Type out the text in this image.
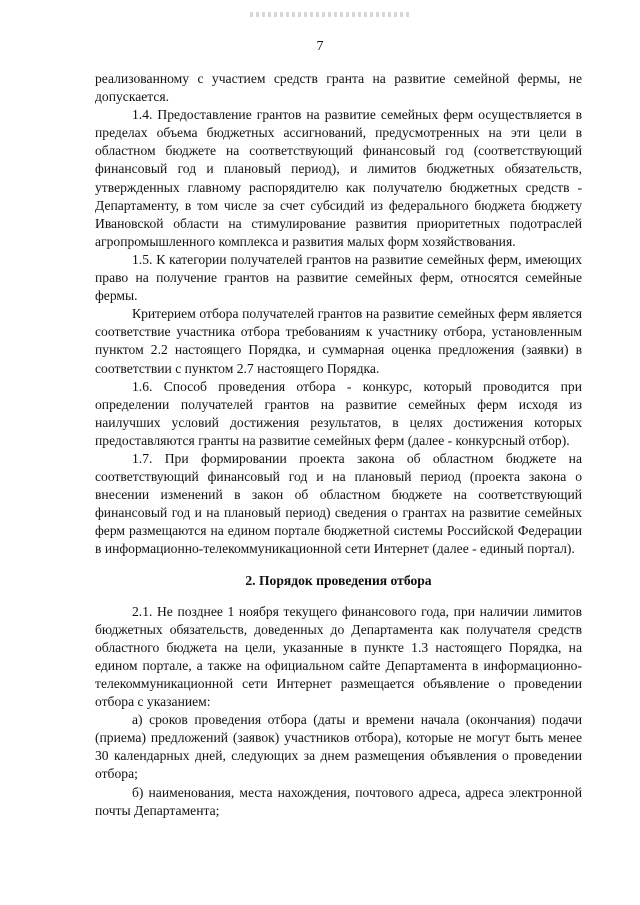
7

реализованному с участием средств гранта на развитие семейной фермы, не допускается.

1.4. Предоставление грантов на развитие семейных ферм осуществляется в пределах объема бюджетных ассигнований, предусмотренных на эти цели в областном бюджете на соответствующий финансовый год (соответствующий финансовый год и плановый период), и лимитов бюджетных обязательств, утвержденных главному распорядителю как получателю бюджетных средств - Департаменту, в том числе за счет субсидий из федерального бюджета бюджету Ивановской области на стимулирование развития приоритетных подотраслей агропромышленного комплекса и развития малых форм хозяйствования.

1.5. К категории получателей грантов на развитие семейных ферм, имеющих право на получение грантов на развитие семейных ферм, относятся семейные фермы.

Критерием отбора получателей грантов на развитие семейных ферм является соответствие участника отбора требованиям к участнику отбора, установленным пунктом 2.2 настоящего Порядка, и суммарная оценка предложения (заявки) в соответствии с пунктом 2.7 настоящего Порядка.

1.6. Способ проведения отбора - конкурс, который проводится при определении получателей грантов на развитие семейных ферм исходя из наилучших условий достижения результатов, в целях достижения которых предоставляются гранты на развитие семейных ферм (далее - конкурсный отбор).

1.7. При формировании проекта закона об областном бюджете на соответствующий финансовый год и на плановый период (проекта закона о внесении изменений в закон об областном бюджете на соответствующий финансовый год и на плановый период) сведения о грантах на развитие семейных ферм размещаются на едином портале бюджетной системы Российской Федерации в информационно-телекоммуникационной сети Интернет (далее - единый портал).

2. Порядок проведения отбора

2.1. Не позднее 1 ноября текущего финансового года, при наличии лимитов бюджетных обязательств, доведенных до Департамента как получателя средств областного бюджета на цели, указанные в пункте 1.3 настоящего Порядка, на едином портале, а также на официальном сайте Департамента в информационно-телекоммуникационной сети Интернет размещается объявление о проведении отбора с указанием:

а) сроков проведения отбора (даты и времени начала (окончания) подачи (приема) предложений (заявок) участников отбора), которые не могут быть менее 30 календарных дней, следующих за днем размещения объявления о проведении отбора;

б) наименования, места нахождения, почтового адреса, адреса электронной почты Департамента;
